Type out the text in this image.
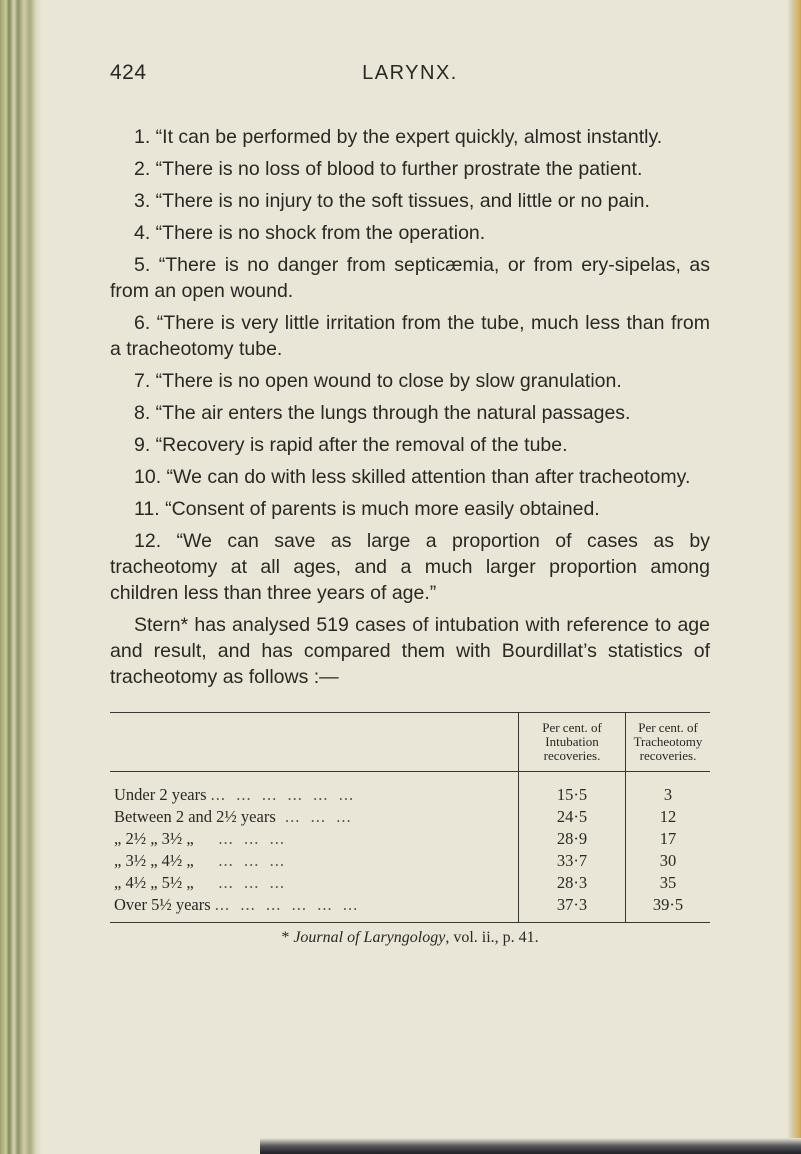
424	LARYNX.

1. “It can be performed by the expert quickly, almost instantly.

2. “There is no loss of blood to further prostrate the patient.

3. “There is no injury to the soft tissues, and little or no pain.

4. “There is no shock from the operation.

5. “There is no danger from septicæmia, or from ery-sipelas, as from an open wound.

6. “There is very little irritation from the tube, much less than from a tracheotomy tube.

7. “There is no open wound to close by slow granulation.

8. “The air enters the lungs through the natural passages.

9. “Recovery is rapid after the removal of the tube.

10. “We can do with less skilled attention than after tracheotomy.

11. “Consent of parents is much more easily obtained.

12. “We can save as large a proportion of cases as by tracheotomy at all ages, and a much larger proportion among children less than three years of age.”

Stern* has analysed 519 cases of intubation with reference to age and result, and has compared them with Bourdillat’s statistics of tracheotomy as follows :—

	Per cent. of Intubation recoveries.	Per cent. of Tracheotomy recoveries.
Under 2 years ...  ...  ...  ...  ...  ...	15·5	3
Between 2 and 2½ years  ...  ...  ...	24·5	12
„ 2½ „ 3½ „     ...  ...  ...	28·9	17
„ 3½ „ 4½ „     ...  ...  ...	33·7	30
„ 4½ „ 5½ „     ...  ...  ...	28·3	35
Over 5½ years ...  ...  ...  ...  ...  ...	37·3	39·5
* Journal of Laryngology, vol. ii., p. 41.
